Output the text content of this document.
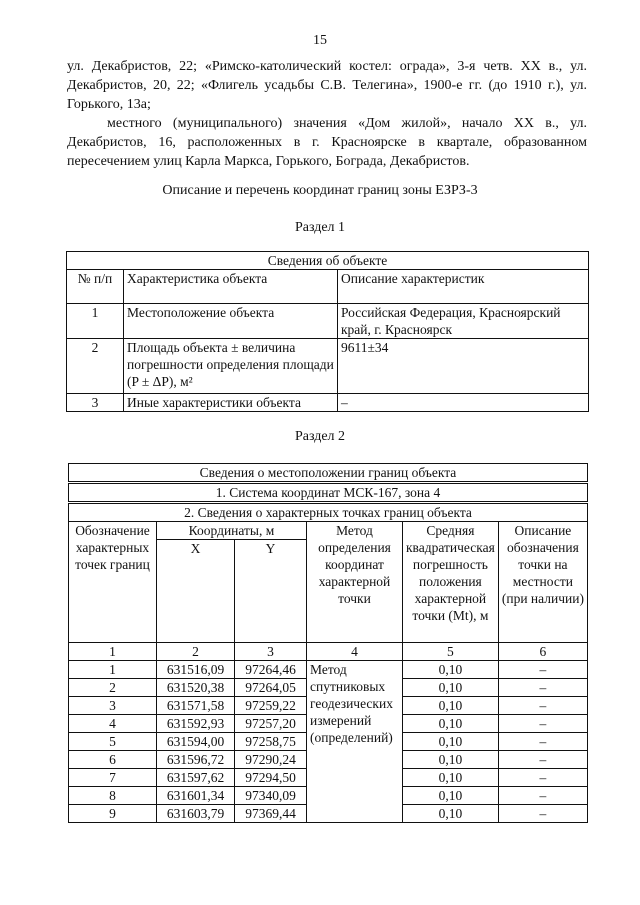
15
ул. Декабристов, 22; «Римско-католический костел: ограда», 3-я четв. XX в., ул. Декабристов, 20, 22; «Флигель усадьбы С.В. Телегина», 1900-е гг. (до 1910 г.), ул. Горького, 13а;
местного (муниципального) значения «Дом жилой», начало XX в., ул. Декабристов, 16, расположенных в г. Красноярске в квартале, образованном пересечением улиц Карла Маркса, Горького, Бограда, Декабристов.
Описание и перечень координат границ зоны ЕЗРЗ-3
Раздел 1
Сведения об объекте		
№ п/п	Характеристика объекта	Описание характеристик
1	Местоположение объекта	Российская Федерация, Красноярский край, г. Красноярск
2	Площадь объекта ± величина погрешности определения площади (P ± ΔP), м²	9611±34
3	Иные характеристики объекта	–
Раздел 2
Сведения о местоположении границ объекта					
1. Система координат МСК-167, зона 4					
2. Сведения о характерных точках границ объекта					
Обозначение характерных точек границ	Координаты, м		Метод определения координат характерной точки	Средняя квадратическая погрешность положения характерной точки (Mt), м	Описание обозначения точки на местности (при наличии)
	X	Y			
1	2	3	4	5	6
1	631516,09	97264,46	Метод спутниковых геодезических измерений (определений)	0,10	–
2	631520,38	97264,05		0,10	–
3	631571,58	97259,22		0,10	–
4	631592,93	97257,20		0,10	–
5	631594,00	97258,75		0,10	–
6	631596,72	97290,24		0,10	–
7	631597,62	97294,50		0,10	–
8	631601,34	97340,09		0,10	–
9	631603,79	97369,44		0,10	–
